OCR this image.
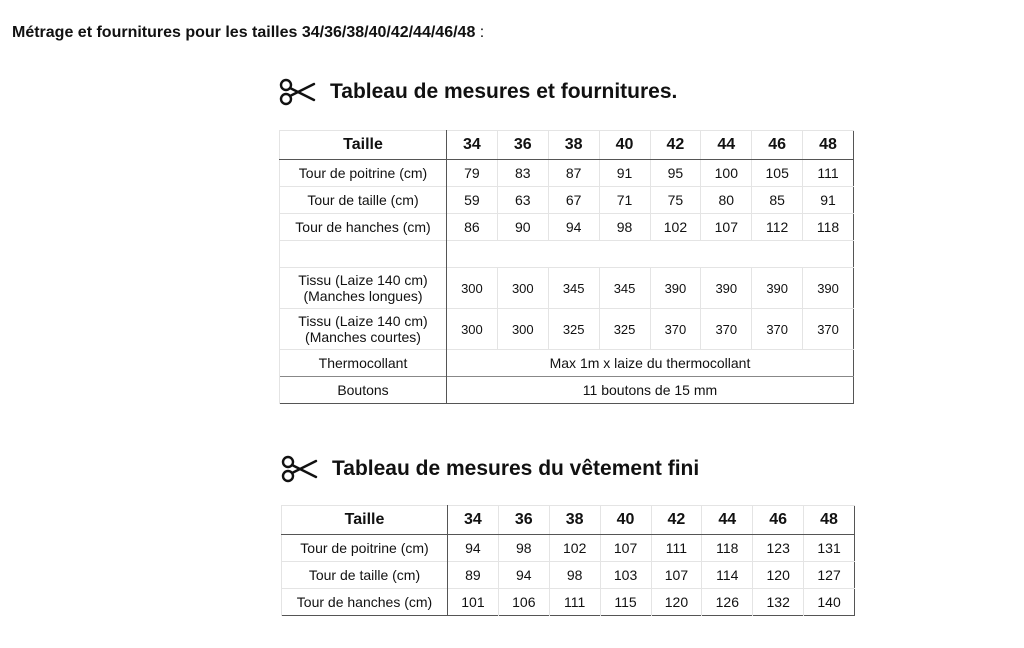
Métrage et fournitures pour les tailles 34/36/38/40/42/44/46/48 :
Tableau de mesures et fournitures.
Taille	34	36	38	40	42	44	46	48
Tour de poitrine (cm)	79	83	87	91	95	100	105	111
Tour de taille (cm)	59	63	67	71	75	80	85	91
Tour de hanches (cm)	86	90	94	98	102	107	112	118

Tissu (Laize 140 cm)
(Manches longues)	300	300	345	345	390	390	390	390
Tissu (Laize 140 cm)
(Manches courtes)	300	300	325	325	370	370	370	370
Thermocollant	Max 1m x laize du thermocollant							
Boutons	11 boutons de 15 mm							
Tableau de mesures du vêtement fini
Taille	34	36	38	40	42	44	46	48
Tour de poitrine (cm)	94	98	102	107	111	118	123	131
Tour de taille (cm)	89	94	98	103	107	114	120	127
Tour de hanches (cm)	101	106	111	115	120	126	132	140
